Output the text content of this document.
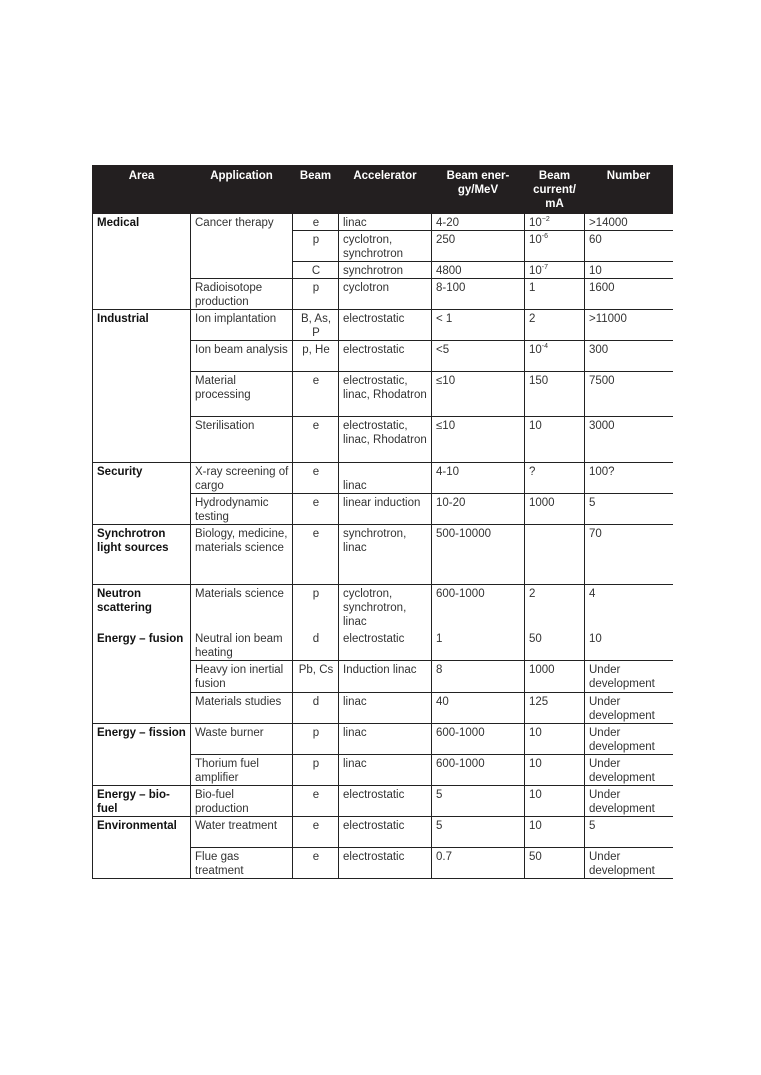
Area	Application	Beam	Accelerator	Beam ener-gy/MeV	Beam current/ mA	Number
Medical	Cancer therapy	e	linac	4-20	$10^{-2}$	>14000
		p	cyclotron, synchrotron	250	$10^{-6}$	60
		C	synchrotron	4800	$10^{-7}$	10
	Radioisotope production	p	cyclotron	8-100	1	1600
Industrial	Ion implantation	B, As, P	electrostatic	< 1	2	>11000
	Ion beam analysis	p, He	electrostatic	<5	$10^{-4}$	300
	Material processing	e	electrostatic, linac, Rhodatron	≤10	150	7500
	Sterilisation	e	electrostatic, linac, Rhodatron	≤10	10	3000
Security	X-ray screening of cargo	e	linac	4-10	?	100?
	Hydrodynamic testing	e	linear induction	10-20	1000	5
Synchrotron light sources	Biology, medicine, materials science	e	synchrotron, linac	500-10000		70
Neutron scattering	Materials science	p	cyclotron, synchrotron, linac	600-1000	2	4
Energy – fusion	Neutral ion beam heating	d	electrostatic	1	50	10
	Heavy ion inertial fusion	Pb, Cs	Induction linac	8	1000	Under development
	Materials studies	d	linac	40	125	Under development
Energy – fission	Waste burner	p	linac	600-1000	10	Under development
	Thorium fuel amplifier	p	linac	600-1000	10	Under development
Energy – bio-fuel	Bio-fuel production	e	electrostatic	5	10	Under development
Environmental	Water treatment	e	electrostatic	5	10	5
	Flue gas treatment	e	electrostatic	0.7	50	Under development
